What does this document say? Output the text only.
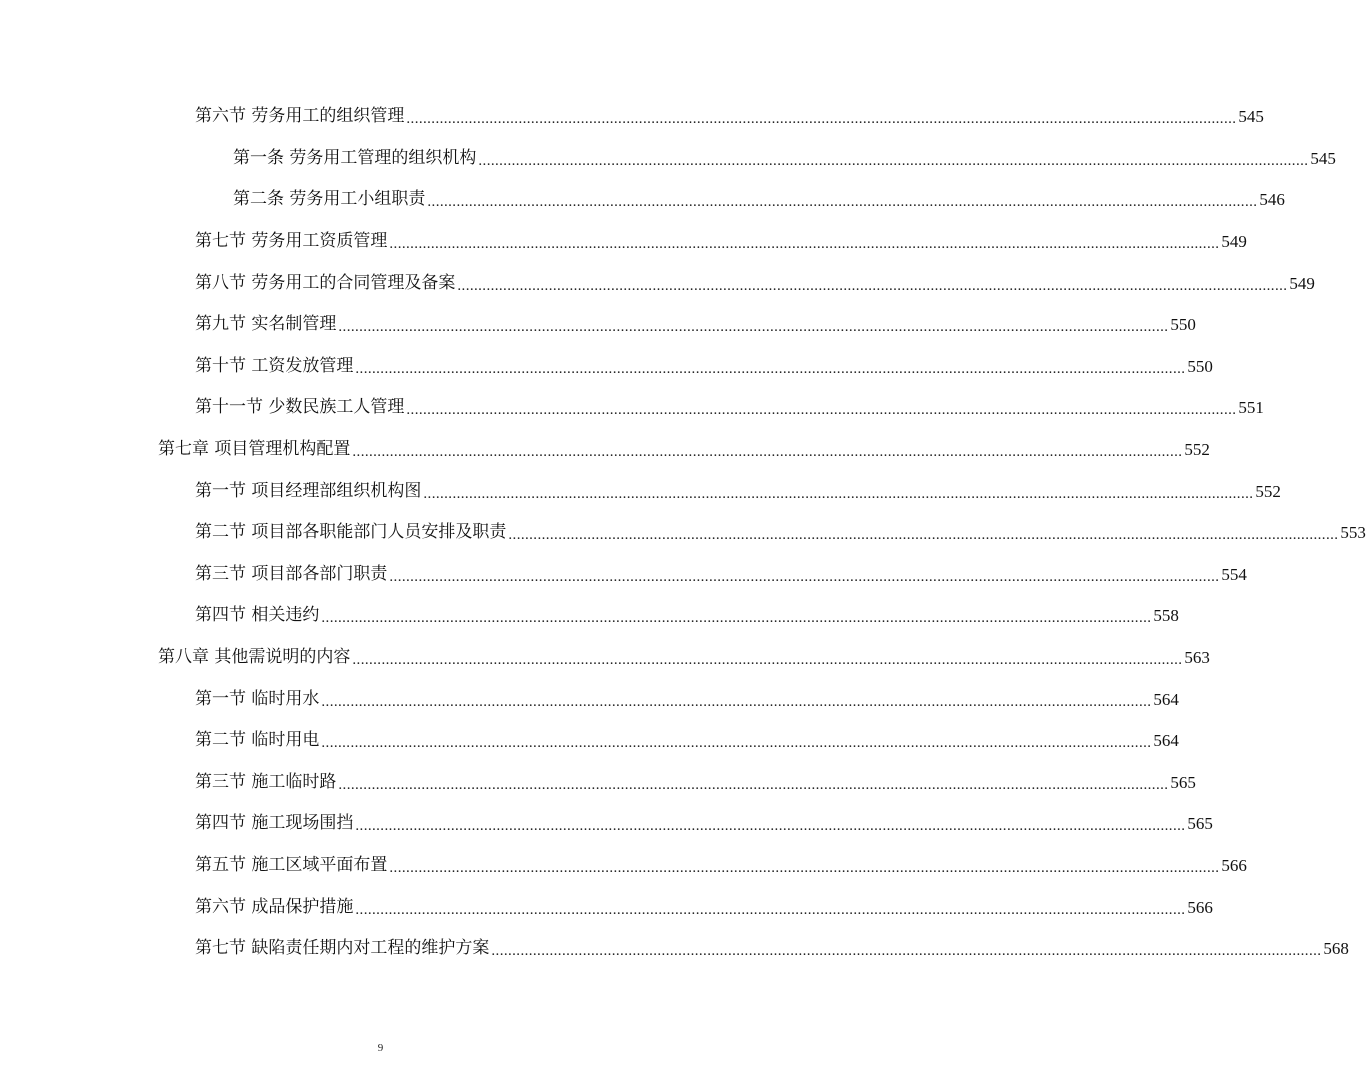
第六节 劳务用工的组织管理 ........................................................................................................................................................................................................ 545
第一条 劳务用工管理的组织机构 ........................................................................................................................................................................................................ 545
第二条 劳务用工小组职责 ........................................................................................................................................................................................................ 546
第七节 劳务用工资质管理 ........................................................................................................................................................................................................ 549
第八节 劳务用工的合同管理及备案 ........................................................................................................................................................................................................ 549
第九节 实名制管理 ........................................................................................................................................................................................................ 550
第十节 工资发放管理 ........................................................................................................................................................................................................ 550
第十一节 少数民族工人管理 ........................................................................................................................................................................................................ 551
第七章 项目管理机构配置 ........................................................................................................................................................................................................ 552
第一节 项目经理部组织机构图 ........................................................................................................................................................................................................ 552
第二节 项目部各职能部门人员安排及职责 ........................................................................................................................................................................................................ 553
第三节 项目部各部门职责 ........................................................................................................................................................................................................ 554
第四节 相关违约 ........................................................................................................................................................................................................ 558
第八章 其他需说明的内容 ........................................................................................................................................................................................................ 563
第一节 临时用水 ........................................................................................................................................................................................................ 564
第二节 临时用电 ........................................................................................................................................................................................................ 564
第三节 施工临时路 ........................................................................................................................................................................................................ 565
第四节 施工现场围挡 ........................................................................................................................................................................................................ 565
第五节 施工区域平面布置 ........................................................................................................................................................................................................ 566
第六节 成品保护措施 ........................................................................................................................................................................................................ 566
第七节 缺陷责任期内对工程的维护方案 ........................................................................................................................................................................................................ 568
9
